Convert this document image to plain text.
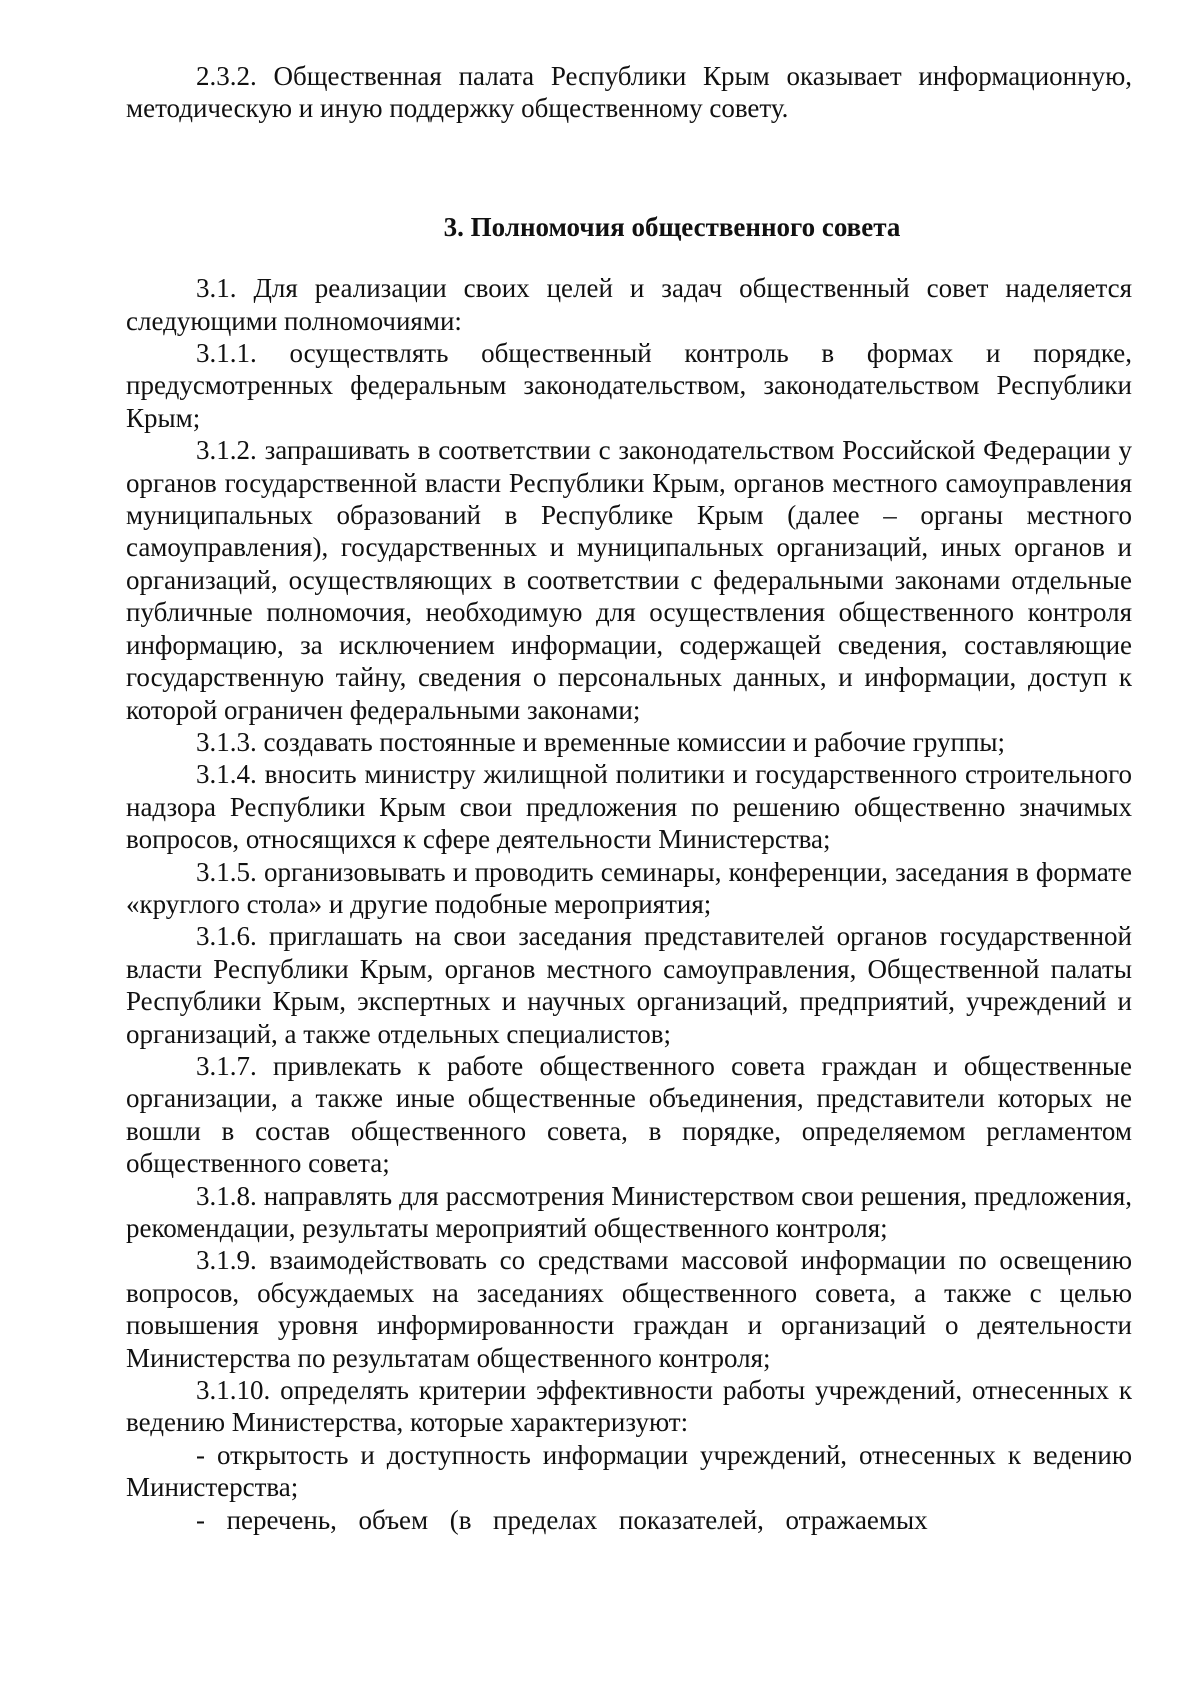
2.3.2. Общественная палата Республики Крым оказывает информационную, методическую и иную поддержку общественному совету.

3. Полномочия общественного совета

3.1. Для реализации своих целей и задач общественный совет наделяется следующими полномочиями:

3.1.1. осуществлять общественный контроль в формах и порядке, предусмотренных федеральным законодательством, законодательством Республики Крым;

3.1.2. запрашивать в соответствии с законодательством Российской Федерации у органов государственной власти Республики Крым, органов местного самоуправления муниципальных образований в Республике Крым (далее – органы местного самоуправления), государственных и муниципальных организаций, иных органов и организаций, осуществляющих в соответствии с федеральными законами отдельные публичные полномочия, необходимую для осуществления общественного контроля информацию, за исключением информации, содержащей сведения, составляющие государственную тайну, сведения о персональных данных, и информации, доступ к которой ограничен федеральными законами;

3.1.3. создавать постоянные и временные комиссии и рабочие группы;

3.1.4. вносить министру жилищной политики и государственного строительного надзора Республики Крым свои предложения по решению общественно значимых вопросов, относящихся к сфере деятельности Министерства;

3.1.5. организовывать и проводить семинары, конференции, заседания в формате «круглого стола» и другие подобные мероприятия;

3.1.6. приглашать на свои заседания представителей органов государственной власти Республики Крым, органов местного самоуправления, Общественной палаты Республики Крым, экспертных и научных организаций, предприятий, учреждений и организаций, а также отдельных специалистов;

3.1.7. привлекать к работе общественного совета граждан и общественные организации, а также иные общественные объединения, представители которых не вошли в состав общественного совета, в порядке, определяемом регламентом общественного совета;

3.1.8. направлять для рассмотрения Министерством свои решения, предложения, рекомендации, результаты мероприятий общественного контроля;

3.1.9. взаимодействовать со средствами массовой информации по освещению вопросов, обсуждаемых на заседаниях общественного совета, а также с целью повышения уровня информированности граждан и организаций о деятельности Министерства по результатам общественного контроля;

3.1.10. определять критерии эффективности работы учреждений, отнесенных к ведению Министерства, которые характеризуют:

- открытость и доступность информации учреждений, отнесенных к ведению Министерства;

- перечень, объем (в пределах показателей, отражаемых
